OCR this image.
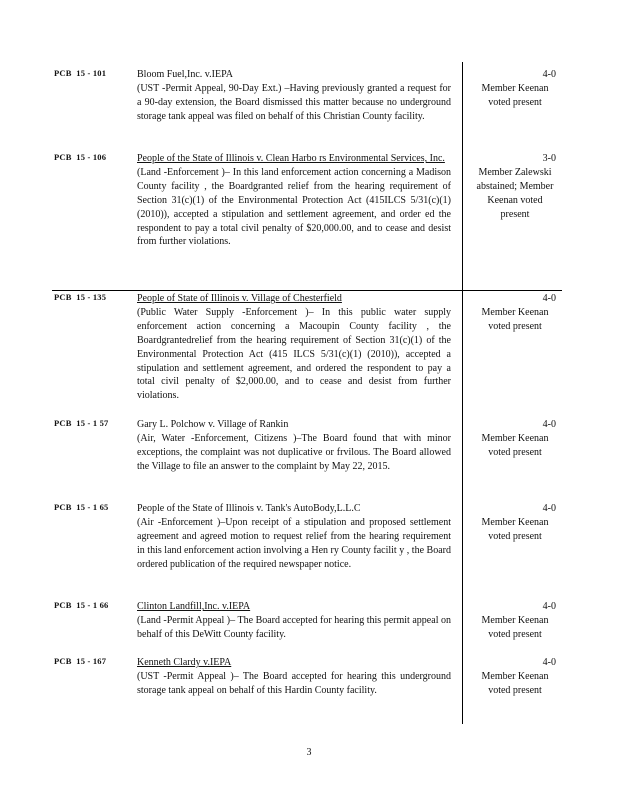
PCB  15 - 101	Bloom Fuel,Inc. v.IEPA
(UST -Permit Appeal, 90-Day Ext.) –Having previously granted a request for a 90-day extension, the Board dismissed this matter because no underground storage tank appeal was filed on behalf of this Christian County facility.
4-0
Member Keenan voted present
PCB  15 - 106	People of the State of Illinois v. Clean Harbo rs Environmental Services, Inc.
(Land -Enforcement )– In this land enforcement action concerning a Madison County facility , the Boardgranted relief from the hearing requirement of Section 31(c)(1) of the Environmental Protection Act (415ILCS 5/31(c)(1) (2010)), accepted a stipulation and settlement agreement, and order ed the respondent to pay a total civil penalty of $20,000.00, and to cease and desist from further violations.
3-0
Member Zalewski abstained; Member Keenan voted present
PCB  15 - 135	People of State of Illinois v. Village of Chesterfield
(Public Water Supply -Enforcement )– In this public water supply enforcement action concerning a Macoupin County facility , the Boardgrantedrelief from the hearing requirement of Section 31(c)(1) of the Environmental Protection Act (415 ILCS 5/31(c)(1) (2010)), accepted a stipulation and settlement agreement, and ordered the respondent to pay a total civil penalty of $2,000.00, and to cease and desist from further violations.
4-0
Member Keenan voted present
PCB  15 - 1 57	Gary L. Polchow v. Village of Rankin
(Air, Water -Enforcement, Citizens )–The Board found that with minor exceptions, the complaint was not duplicative or frvilous. The Board allowed the Village to file an answer to the complaint by May 22, 2015.
4-0
Member Keenan voted present
PCB  15 - 1 65	People of the State of Illinois v. Tank's AutoBody,L.L.C
(Air -Enforcement )–Upon receipt of a stipulation and proposed settlement agreement and agreed motion to request relief from the hearing requirement in this land enforcement action involving a Hen ry County facilit y , the Board ordered publication of the required newspaper notice.
4-0
Member Keenan voted present
PCB  15 - 1 66	Clinton Landfill,Inc. v.IEPA
(Land -Permit Appeal )– The Board accepted for hearing this permit appeal on behalf of this DeWitt County facility.
4-0
Member Keenan voted present
PCB  15 - 167	Kenneth Clardy v.IEPA
(UST -Permit Appeal )– The Board accepted for hearing this underground storage tank appeal on behalf of this Hardin County facility.
4-0
Member Keenan voted present
3
